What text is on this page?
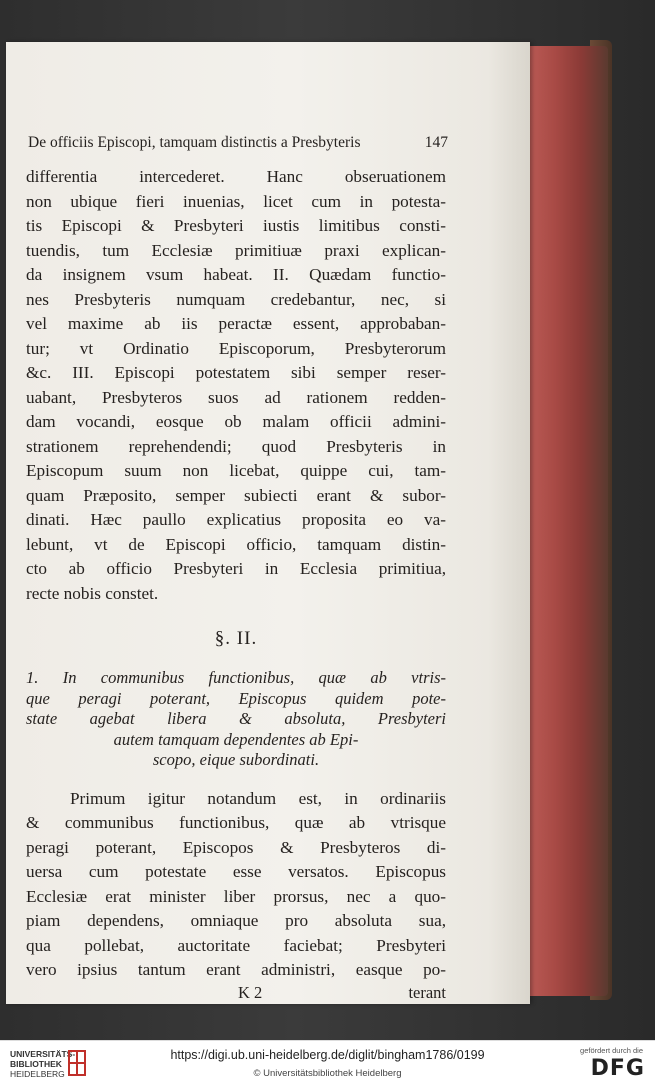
De officiis Episcopi, tamquam distinctis a Presbyteris	147
differentia intercederet. Hanc obseruationem
non ubique fieri inuenias, licet cum in potesta-
tis Episcopi & Presbyteri iustis limitibus consti-
tuendis, tum Ecclesiæ primitiuæ praxi explican-
da insignem vsum habeat. II. Quædam functio-
nes Presbyteris numquam credebantur, nec, si
vel maxime ab iis peractæ essent, approbaban-
tur; vt Ordinatio Episcoporum, Presbyterorum
&c. III. Episcopi potestatem sibi semper reser-
uabant, Presbyteros suos ad rationem redden-
dam vocandi, eosque ob malam officii admini-
strationem reprehendendi; quod Presbyteris in
Episcopum suum non licebat, quippe cui, tam-
quam Præposito, semper subiecti erant & subor-
dinati. Hæc paullo explicatius proposita eo va-
lebunt, vt de Episcopi officio, tamquam distin-
cto ab officio Presbyteri in Ecclesia primitiua,
recte nobis constet.
§. II.
1. In communibus functionibus, quæ ab vtris-
que peragi poterant, Episcopus quidem pote-
state agebat libera & absoluta, Presbyteri
autem tamquam dependentes ab Epi-
scopo, eique subordinati.
Primum igitur notandum est, in ordinariis
& communibus functionibus, quæ ab vtrisque
peragi poterant, Episcopos & Presbyteros di-
uersa cum potestate esse versatos. Episcopus
Ecclesiæ erat minister liber prorsus, nec a quo-
piam dependens, omniaque pro absoluta sua,
qua pollebat, auctoritate faciebat; Presbyteri
vero ipsius tantum erant administri, easque po-
K 2	terant
UNIVERSITÄTS-
BIBLIOTHEK
HEIDELBERG
https://digi.ub.uni-heidelberg.de/diglit/bingham1786/0199
© Universitätsbibliothek Heidelberg
gefördert durch die
DFG
